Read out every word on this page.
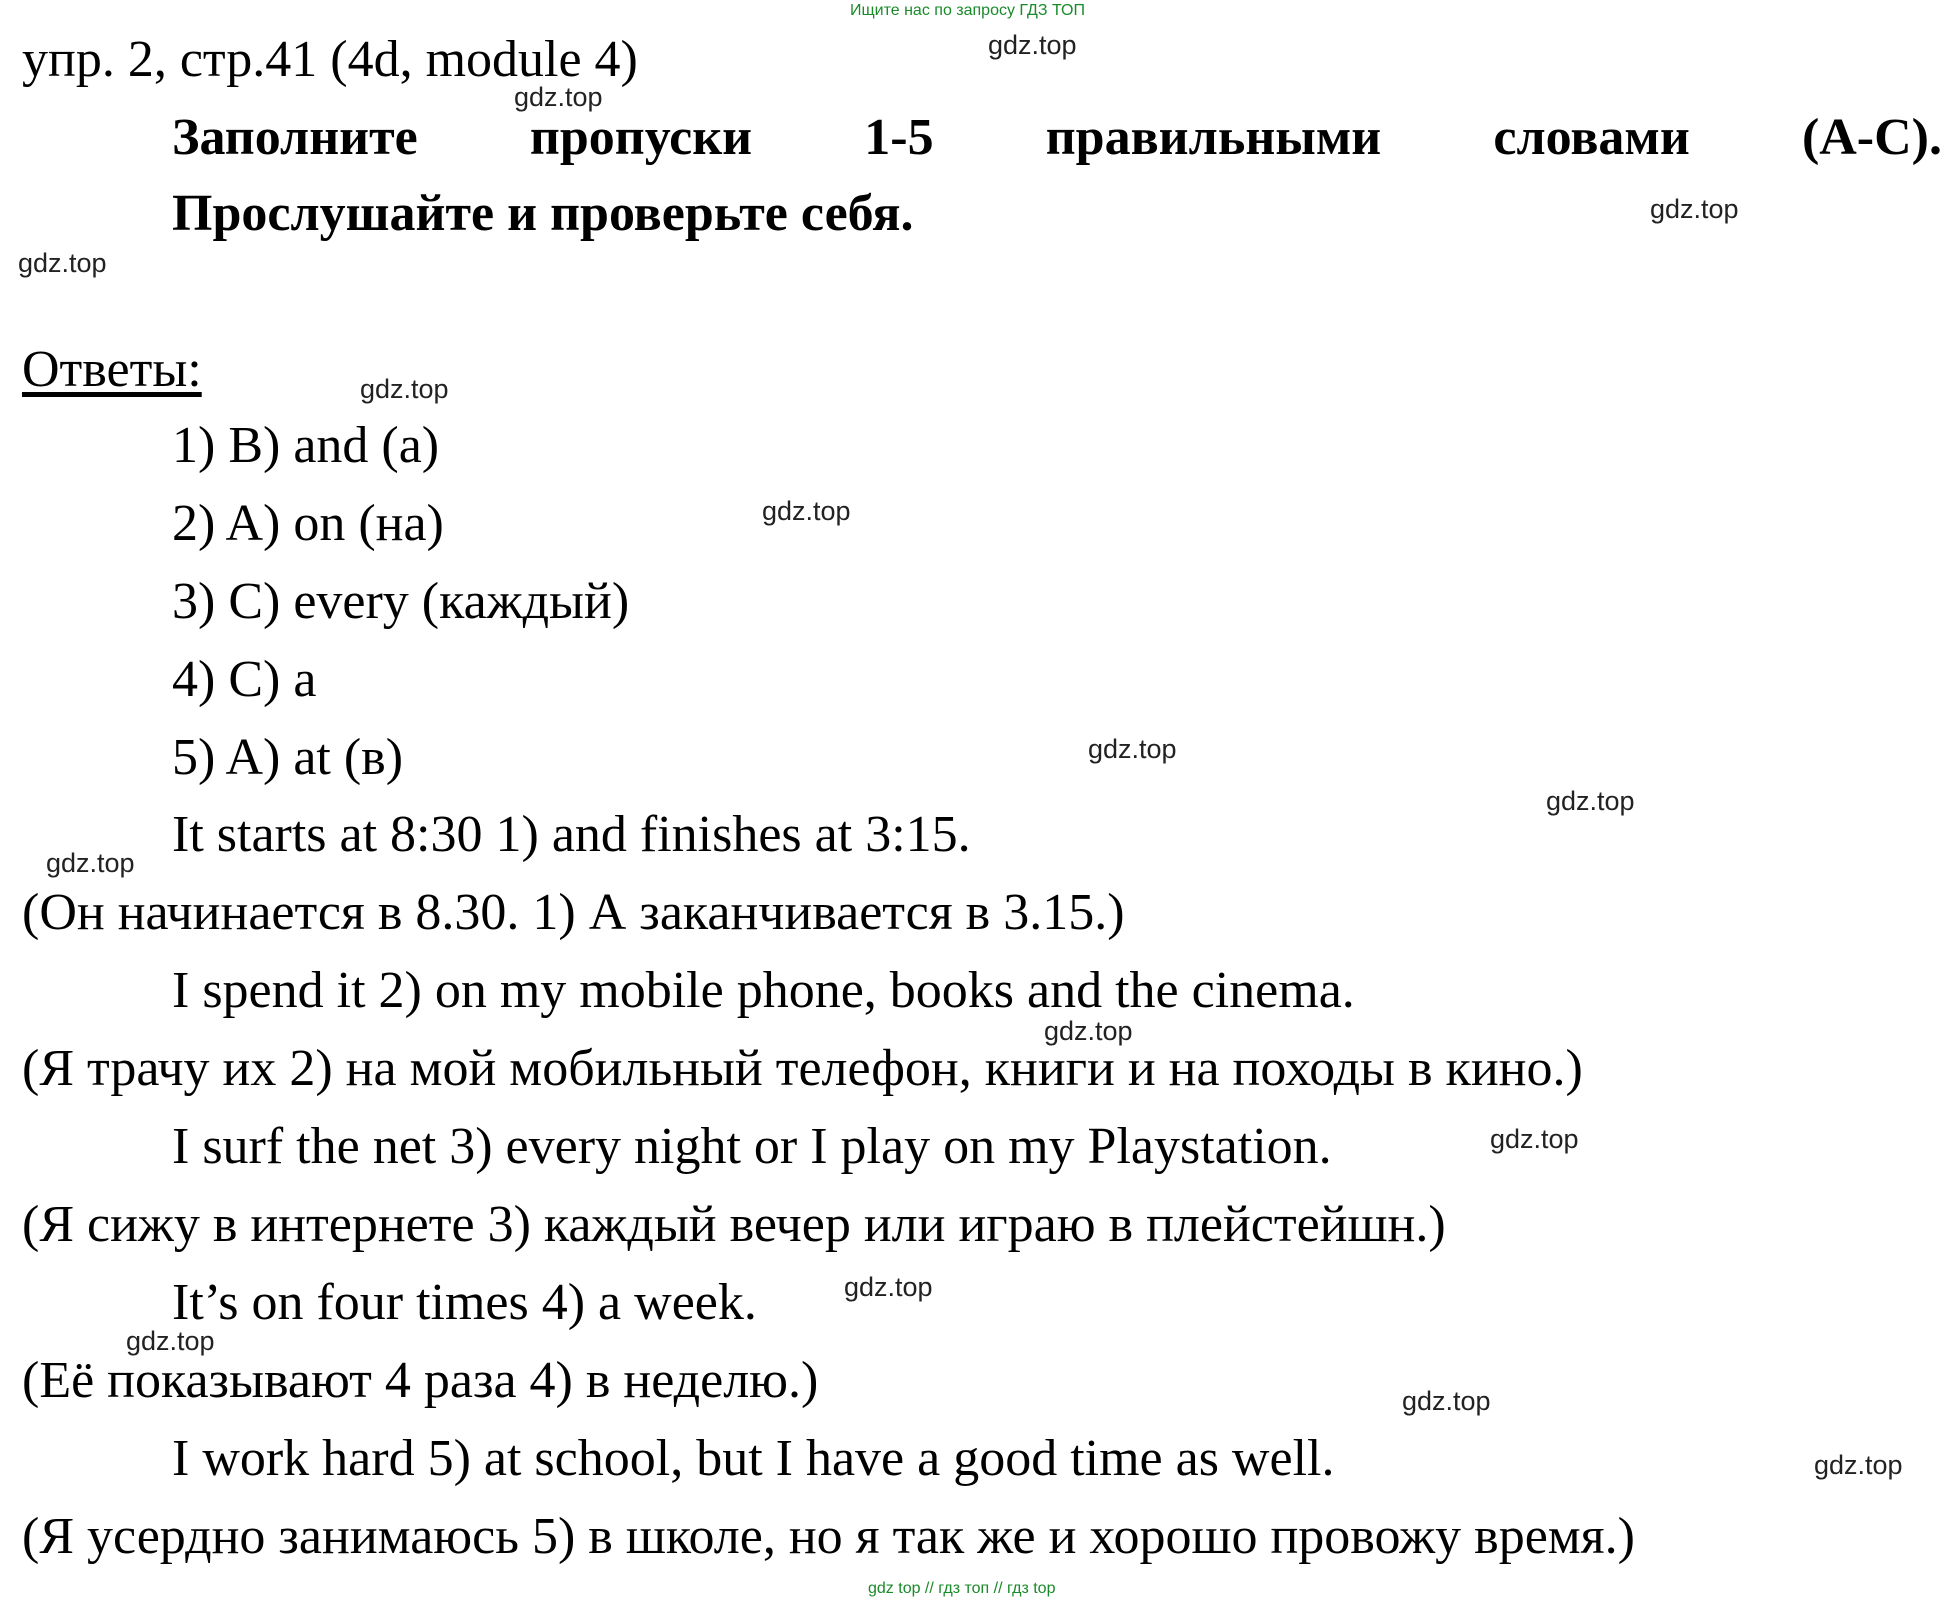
Ищите нас по запросу ГДЗ ТОП
упр. 2, стр.41 (4d, module 4)
Заполните пропуски 1-5 правильными словами (A-C).
Прослушайте и проверьте себя.
Ответы:
1) B) and (а)
2) A) on (на)
3) C) every (каждый)
4) C) a
5) A) at (в)
It starts at 8:30 1) and finishes at 3:15.
(Он начинается в 8.30. 1) А заканчивается в 3.15.)
I spend it 2) on my mobile phone, books and the cinema.
(Я трачу их 2) на мой мобильный телефон, книги и на походы в кино.)
I surf the net 3) every night or I play on my Playstation.
(Я сижу в интернете 3) каждый вечер или играю в плейстейшн.)
It’s on four times 4) a week.
(Её показывают 4 раза 4) в неделю.)
I work hard 5) at school, but I have a good time as well.
(Я усердно занимаюсь 5) в школе, но я так же и хорошо провожу время.)
gdz.top
gdz.top
gdz.top
gdz.top
gdz.top
gdz.top
gdz.top
gdz.top
gdz.top
gdz.top
gdz.top
gdz.top
gdz.top
gdz.top
gdz.top
gdz top // гдз топ // гдз top
